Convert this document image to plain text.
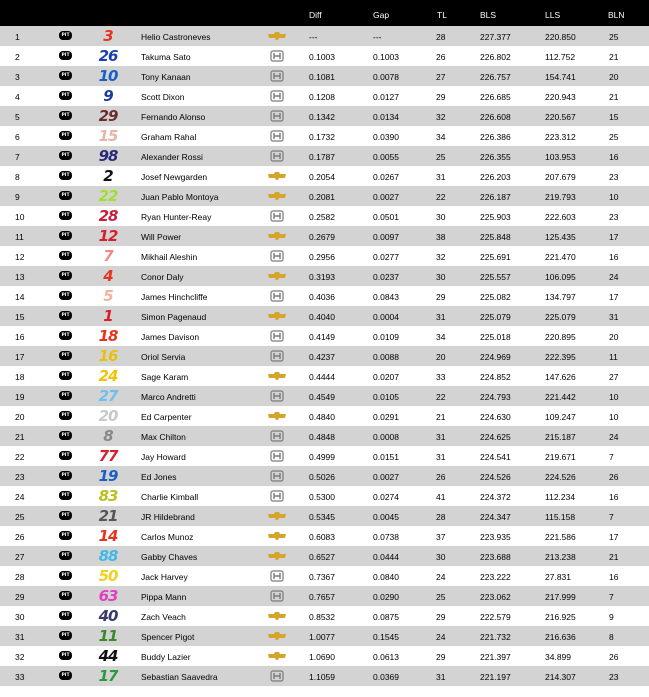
Diff	Gap	TL	BLS	LLS	BLN
1	PIT	3	Helio Castroneves	---	---	28	227.377	220.850	25
2	PIT	26	Takuma Sato	0.1003	0.1003	26	226.802	112.752	21
3	PIT	10	Tony Kanaan	0.1081	0.0078	27	226.757	154.741	20
4	PIT	9	Scott Dixon	0.1208	0.0127	29	226.685	220.943	21
5	PIT	29	Fernando Alonso	0.1342	0.0134	32	226.608	220.567	15
6	PIT	15	Graham Rahal	0.1732	0.0390	34	226.386	223.312	25
7	PIT	98	Alexander Rossi	0.1787	0.0055	25	226.355	103.953	16
8	PIT	2	Josef Newgarden	0.2054	0.0267	31	226.203	207.679	23
9	PIT	22	Juan Pablo Montoya	0.2081	0.0027	22	226.187	219.793	10
10	PIT	28	Ryan Hunter-Reay	0.2582	0.0501	30	225.903	222.603	23
11	PIT	12	Will Power	0.2679	0.0097	38	225.848	125.435	17
12	PIT	7	Mikhail Aleshin	0.2956	0.0277	32	225.691	221.470	16
13	PIT	4	Conor Daly	0.3193	0.0237	30	225.557	106.095	24
14	PIT	5	James Hinchcliffe	0.4036	0.0843	29	225.082	134.797	17
15	PIT	1	Simon Pagenaud	0.4040	0.0004	31	225.079	225.079	31
16	PIT	18	James Davison	0.4149	0.0109	34	225.018	220.895	20
17	PIT	16	Oriol Servia	0.4237	0.0088	20	224.969	222.395	11
18	PIT	24	Sage Karam	0.4444	0.0207	33	224.852	147.626	27
19	PIT	27	Marco Andretti	0.4549	0.0105	22	224.793	221.442	10
20	PIT	20	Ed Carpenter	0.4840	0.0291	21	224.630	109.247	10
21	PIT	8	Max Chilton	0.4848	0.0008	31	224.625	215.187	24
22	PIT	77	Jay Howard	0.4999	0.0151	31	224.541	219.671	7
23	PIT	19	Ed Jones	0.5026	0.0027	26	224.526	224.526	26
24	PIT	83	Charlie Kimball	0.5300	0.0274	41	224.372	112.234	16
25	PIT	21	JR Hildebrand	0.5345	0.0045	28	224.347	115.158	7
26	PIT	14	Carlos Munoz	0.6083	0.0738	37	223.935	221.586	17
27	PIT	88	Gabby Chaves	0.6527	0.0444	30	223.688	213.238	21
28	PIT	50	Jack Harvey	0.7367	0.0840	24	223.222	27.831	16
29	PIT	63	Pippa Mann	0.7657	0.0290	25	223.062	217.999	7
30	PIT	40	Zach Veach	0.8532	0.0875	29	222.579	216.925	9
31	PIT	11	Spencer Pigot	1.0077	0.1545	24	221.732	216.636	8
32	PIT	44	Buddy Lazier	1.0690	0.0613	29	221.397	34.899	26
33	PIT	17	Sebastian Saavedra	1.1059	0.0369	31	221.197	214.307	23
